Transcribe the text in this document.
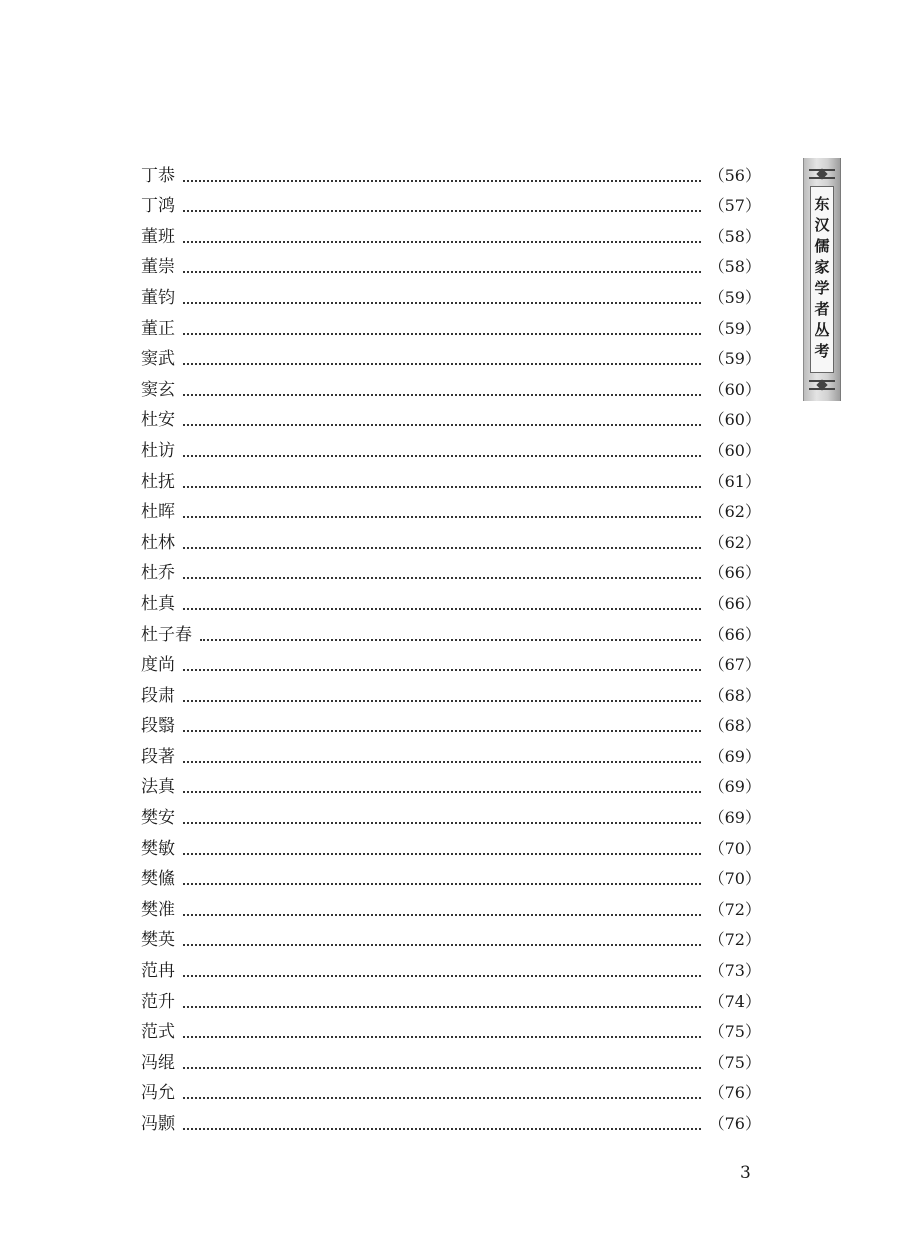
丁恭	（56）
丁鸿	（57）
董班	（58）
董崇	（58）
董钧	（59）
董正	（59）
窦武	（59）
窦玄	（60）
杜安	（60）
杜访	（60）
杜抚	（61）
杜晖	（62）
杜林	（62）
杜乔	（66）
杜真	（66）
杜子春	（66）
度尚	（67）
段肃	（68）
段翳	（68）
段著	（69）
法真	（69）
樊安	（69）
樊敏	（70）
樊鯈	（70）
樊准	（72）
樊英	（72）
范冉	（73）
范升	（74）
范式	（75）
冯绲	（75）
冯允	（76）
冯颢	（76）
东汉儒家学者丛考
3
